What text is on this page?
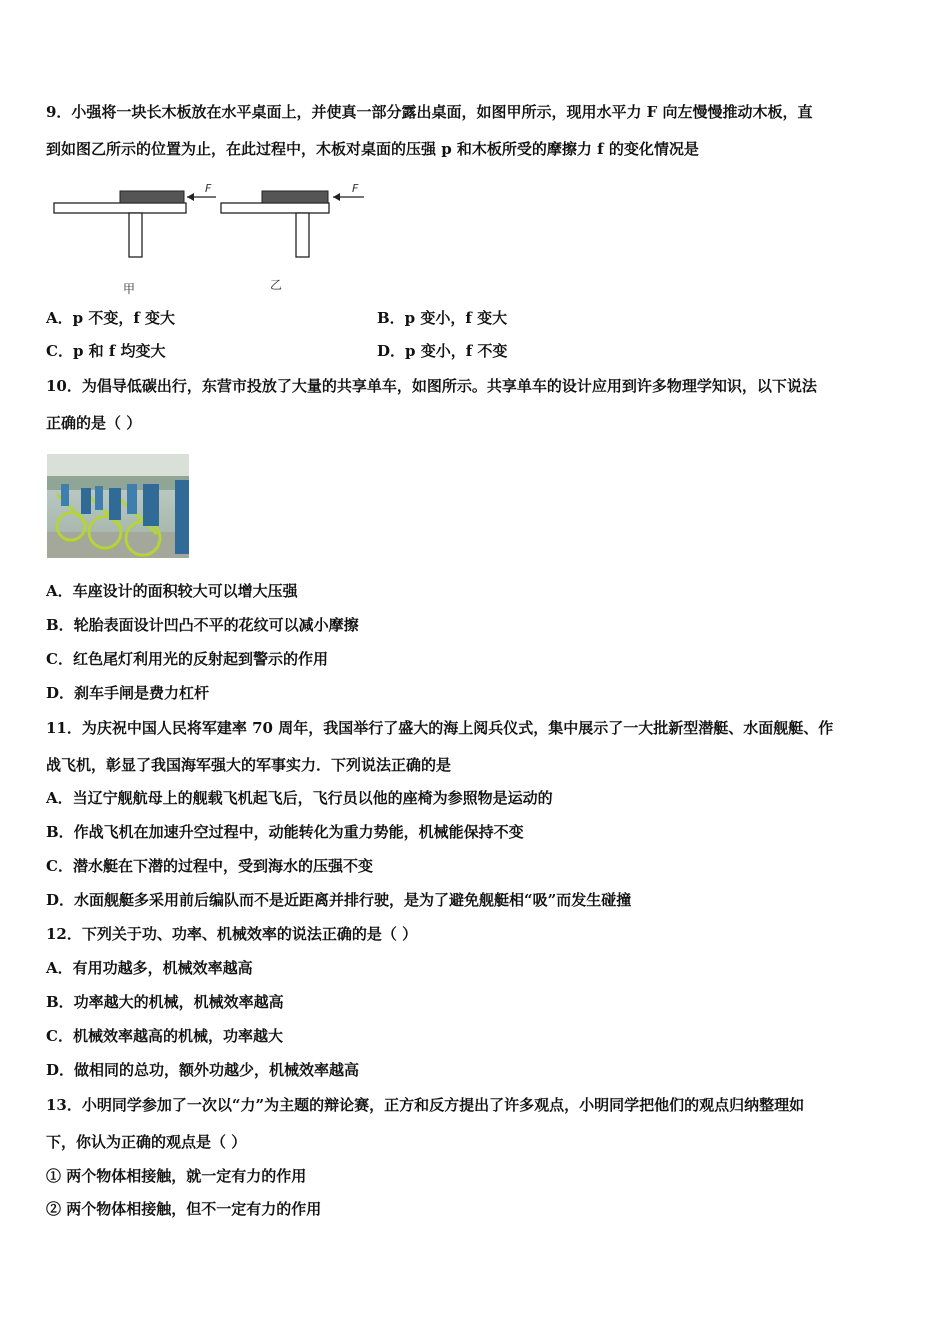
9．小强将一块长木板放在水平桌面上，并使真一部分露出桌面，如图甲所示，现用水平力 F 向左慢慢推动木板，直
到如图乙所示的位置为止，在此过程中，木板对桌面的压强 p 和木板所受的摩擦力 f 的变化情况是
F	F
甲	乙
A．p 不变，f 变大	B．p 变小，f 变大
C．p 和 f 均变大	D．p 变小，f 不变
10．为倡导低碳出行，东营市投放了大量的共享单车，如图所示。共享单车的设计应用到许多物理学知识，以下说法
正确的是（ ）
A．车座设计的面积较大可以增大压强
B．轮胎表面设计凹凸不平的花纹可以减小摩擦
C．红色尾灯利用光的反射起到警示的作用
D．刹车手闸是费力杠杆
11．为庆祝中国人民将军建率 70 周年，我国举行了盛大的海上阅兵仪式，集中展示了一大批新型潜艇、水面舰艇、作
战飞机，彰显了我国海军强大的军事实力．下列说法正确的是
A．当辽宁舰航母上的舰载飞机起飞后，飞行员以他的座椅为参照物是运动的
B．作战飞机在加速升空过程中，动能转化为重力势能，机械能保持不变
C．潜水艇在下潜的过程中，受到海水的压强不变
D．水面舰艇多采用前后编队而不是近距离并排行驶，是为了避免舰艇相“吸”而发生碰撞
12．下列关于功、功率、机械效率的说法正确的是（ ）
A．有用功越多，机械效率越高
B．功率越大的机械，机械效率越高
C．机械效率越高的机械，功率越大
D．做相同的总功，额外功越少，机械效率越高
13．小明同学参加了一次以“力”为主题的辩论赛，正方和反方提出了许多观点，小明同学把他们的观点归纳整理如
下，你认为正确的观点是（ ）
① 两个物体相接触，就一定有力的作用
② 两个物体相接触，但不一定有力的作用
